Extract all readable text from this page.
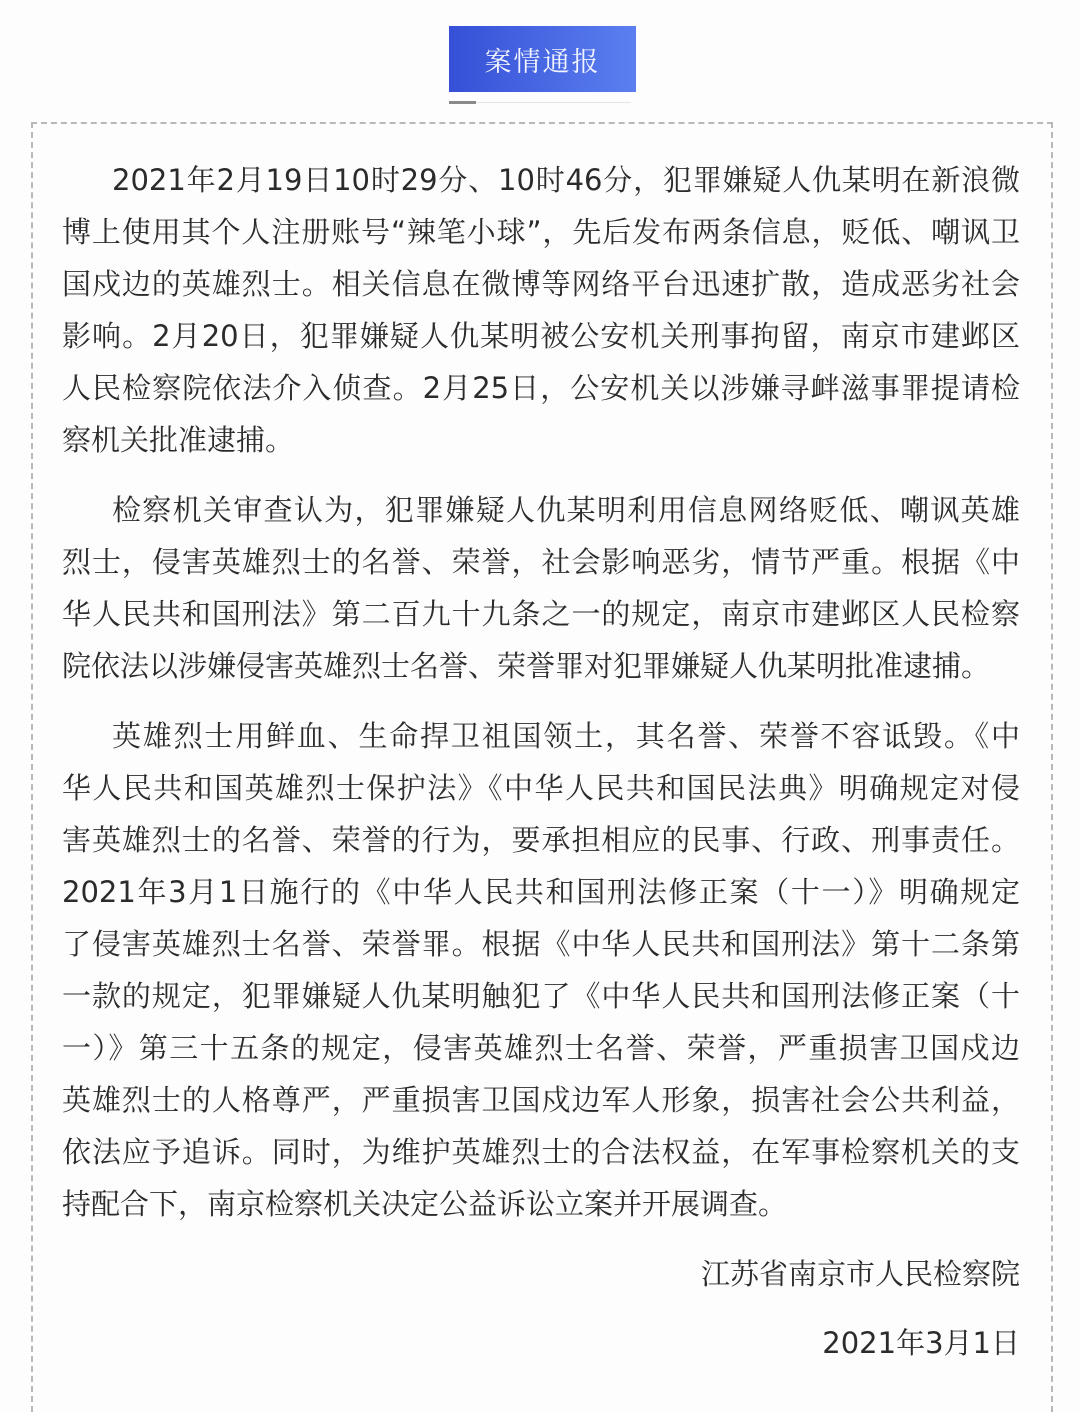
案情通报
2021年2月19日10时29分、10时46分，犯罪嫌疑人仇某明在新浪微
博上使用其个人注册账号“辣笔小球”，先后发布两条信息，贬低、嘲讽卫
国戍边的英雄烈士。相关信息在微博等网络平台迅速扩散，造成恶劣社会
影响。2月20日，犯罪嫌疑人仇某明被公安机关刑事拘留，南京市建邺区
人民检察院依法介入侦查。2月25日，公安机关以涉嫌寻衅滋事罪提请检
察机关批准逮捕。
检察机关审查认为，犯罪嫌疑人仇某明利用信息网络贬低、嘲讽英雄
烈士，侵害英雄烈士的名誉、荣誉，社会影响恶劣，情节严重。根据《中
华人民共和国刑法》第二百九十九条之一的规定，南京市建邺区人民检察
院依法以涉嫌侵害英雄烈士名誉、荣誉罪对犯罪嫌疑人仇某明批准逮捕。
英雄烈士用鲜血、生命捍卫祖国领土，其名誉、荣誉不容诋毁。《中
华人民共和国英雄烈士保护法》《中华人民共和国民法典》明确规定对侵
害英雄烈士的名誉、荣誉的行为，要承担相应的民事、行政、刑事责任。
2021年3月1日施行的《中华人民共和国刑法修正案（十一）》明确规定
了侵害英雄烈士名誉、荣誉罪。根据《中华人民共和国刑法》第十二条第
一款的规定，犯罪嫌疑人仇某明触犯了《中华人民共和国刑法修正案（十
一）》第三十五条的规定，侵害英雄烈士名誉、荣誉，严重损害卫国戍边
英雄烈士的人格尊严，严重损害卫国戍边军人形象，损害社会公共利益，
依法应予追诉。同时，为维护英雄烈士的合法权益，在军事检察机关的支
持配合下，南京检察机关决定公益诉讼立案并开展调查。
江苏省南京市人民检察院
2021年3月1日
